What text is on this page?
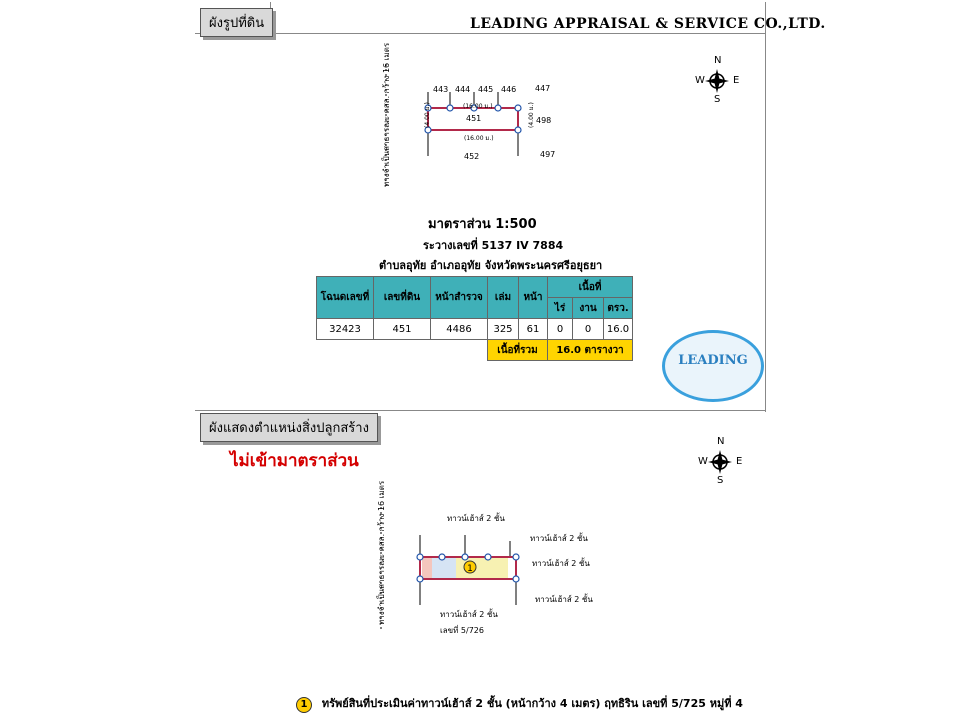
ผังรูปที่ดิน	LEADING APPRAISAL & SERVICE CO.,LTD.
N
S
E
W
ทางจำเป็นสาธารณะ คสล. กว้าง 16 เมตร	443 444 445 446 447
451	498
452	497
(16.00 ม.)
(16.00 ม.)
(4.00 ม.)	(4.00 ม.)
มาตราส่วน 1:500
ระวางเลขที่ 5137 IV 7884
ตำบลอุทัย อำเภออุทัย จังหวัดพระนครศรีอยุธยา
โฉนดเลขที่	เลขที่ดิน	หน้าสำรวจ	เล่ม	หน้า	เนื้อที่		
					ไร่	งาน	ตรว.
32423	451	4486	325	61	0	0	16.0
			เนื้อที่รวม		16.0 ตารางวา		
LEADING
ผังแสดงตำแหน่งสิ่งปลูกสร้าง
ไม่เข้ามาตราส่วน
N
S
E
W
1
ทางจำเป็นสาธารณะ คสล. กว้าง 16 เมตร	ทาวน์เฮ้าส์ 2 ชั้น
ทาวน์เฮ้าส์ 2 ชั้น
ทาวน์เฮ้าส์ 2 ชั้น
ทาวน์เฮ้าส์ 2 ชั้น
ทาวน์เฮ้าส์ 2 ชั้น
เลขที่ 5/726
1 ทรัพย์สินที่ประเมินค่าทาวน์เฮ้าส์ 2 ชั้น (หน้ากว้าง 4 เมตร) ฤทธิริน เลขที่ 5/725 หมู่ที่ 4
